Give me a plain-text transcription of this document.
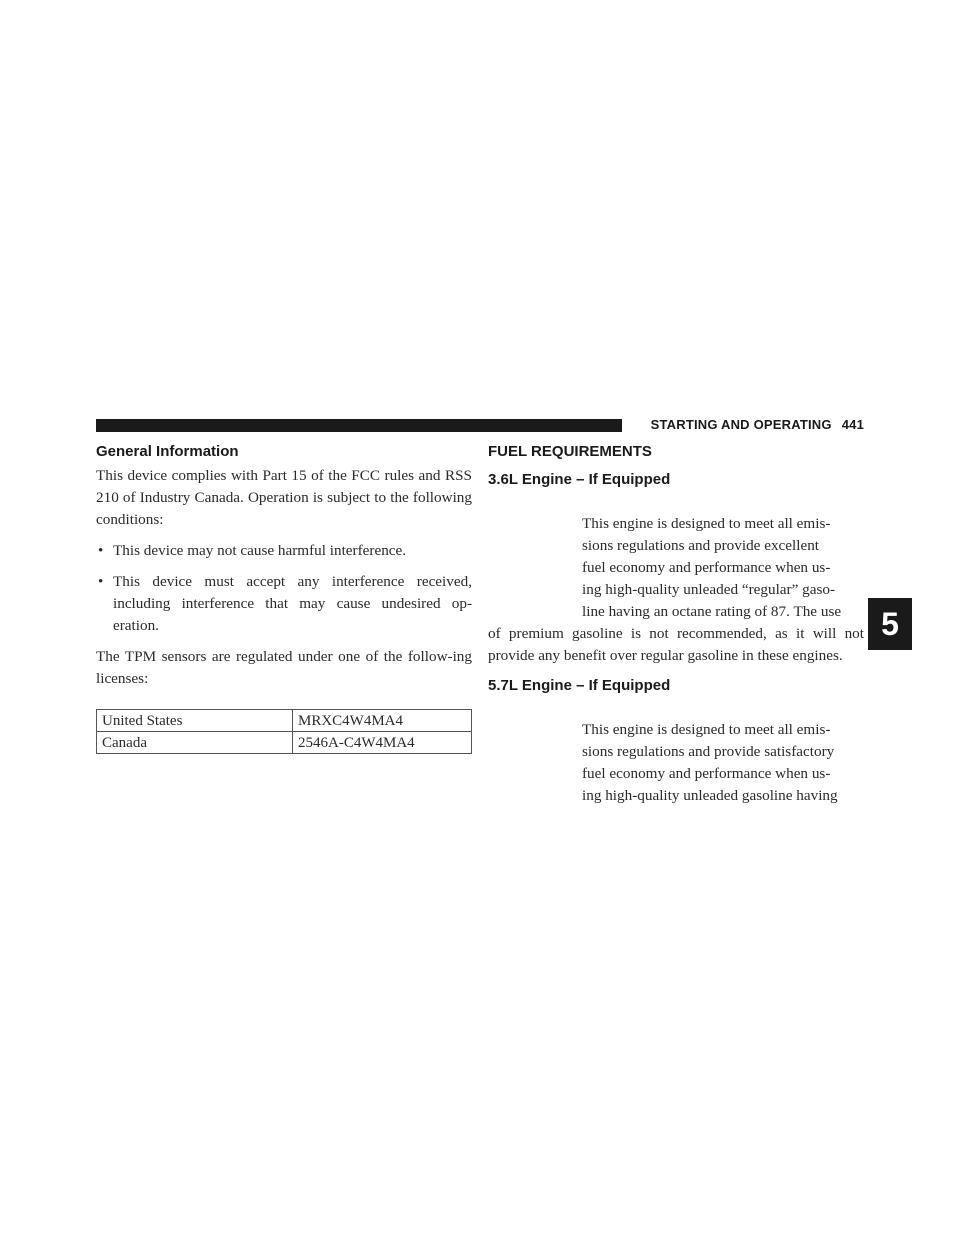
STARTING AND OPERATING 441
5
General Information

This device complies with Part 15 of the FCC rules and RSS 210 of Industry Canada. Operation is subject to the following conditions:

• This device may not cause harmful interference.
• This device must accept any interference received, including interference that may cause undesired op-eration.

The TPM sensors are regulated under one of the follow-ing licenses:

United States	MRXC4W4MA4
Canada	2546A-C4W4MA4
FUEL REQUIREMENTS
3.6L Engine – If Equipped

This engine is designed to meet all emis-

sions regulations and provide excellent

fuel economy and performance when us-

ing high-quality unleaded “regular” gaso-

line having an octane rating of 87. The use

of premium gasoline is not recommended, as it will not provide any benefit over regular gasoline in these engines.

5.7L Engine – If Equipped

This engine is designed to meet all emis-

sions regulations and provide satisfactory

fuel economy and performance when us-

ing high-quality unleaded gasoline having
